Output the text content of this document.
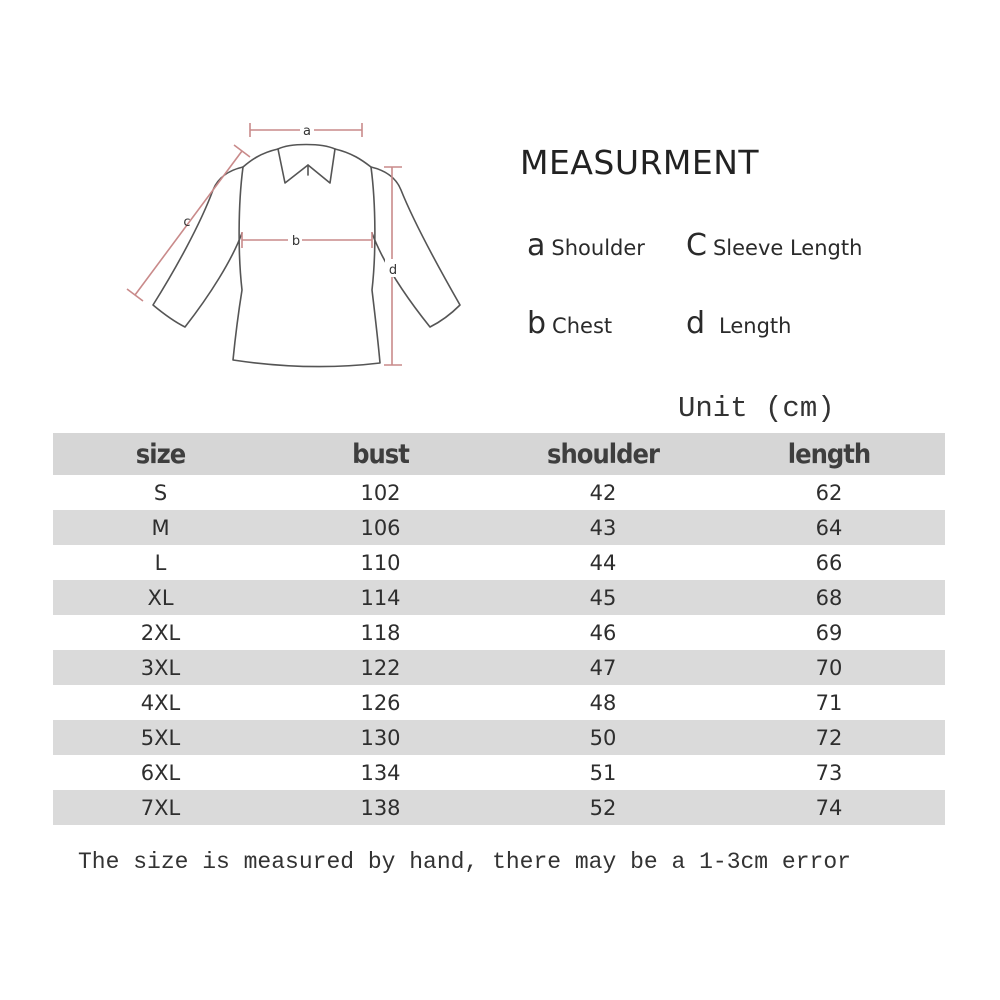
a
b
c
d
MEASURMENT
a Shoulder C Sleeve Length
b Chest d Length
Unit (cm)
size	bust	shoulder	length
S	102	42	62
M	106	43	64
L	110	44	66
XL	114	45	68
2XL	118	46	69
3XL	122	47	70
4XL	126	48	71
5XL	130	50	72
6XL	134	51	73
7XL	138	52	74
The size is measured by hand, there may be a 1-3cm error
